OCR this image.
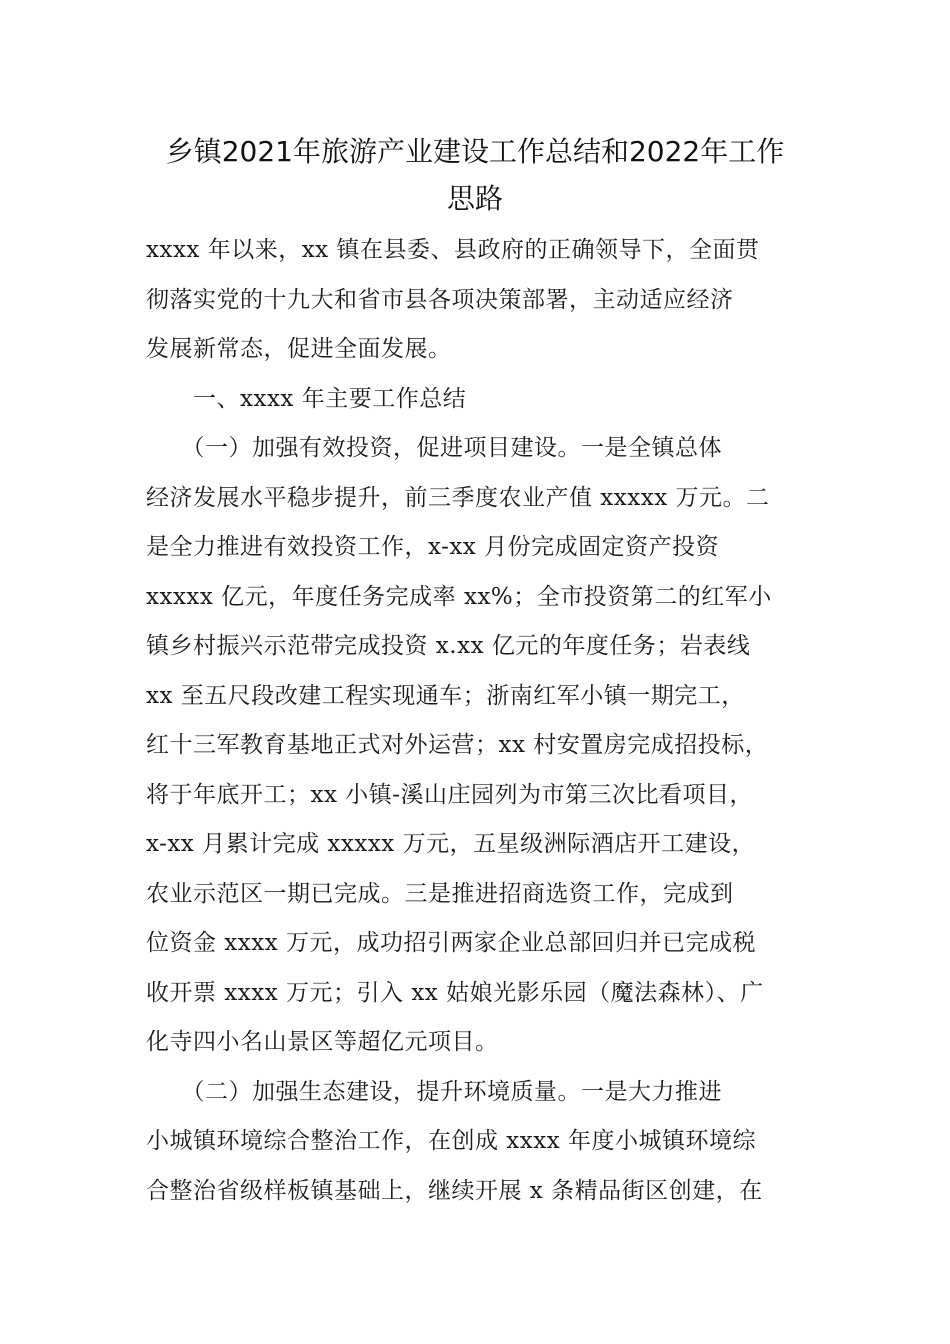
乡镇2021年旅游产业建设工作总结和2022年工作
思路
xxxx 年以来，xx 镇在县委、县政府的正确领导下，全面贯
彻落实党的十九大和省市县各项决策部署，主动适应经济
发展新常态，促进全面发展。
　　一、xxxx 年主要工作总结
　　（一）加强有效投资，促进项目建设。一是全镇总体
经济发展水平稳步提升，前三季度农业产值 xxxxx 万元。二
是全力推进有效投资工作，x-xx 月份完成固定资产投资
xxxxx 亿元，年度任务完成率 xx%；全市投资第二的红军小
镇乡村振兴示范带完成投资 x.xx 亿元的年度任务；岩表线
xx 至五尺段改建工程实现通车；浙南红军小镇一期完工，
红十三军教育基地正式对外运营；xx 村安置房完成招投标，
将于年底开工；xx 小镇-溪山庄园列为市第三次比看项目，
x-xx 月累计完成 xxxxx 万元，五星级洲际酒店开工建设，
农业示范区一期已完成。三是推进招商选资工作，完成到
位资金 xxxx 万元，成功招引两家企业总部回归并已完成税
收开票 xxxx 万元；引入 xx 姑娘光影乐园（魔法森林）、广
化寺四小名山景区等超亿元项目。
　　（二）加强生态建设，提升环境质量。一是大力推进
小城镇环境综合整治工作，在创成 xxxx 年度小城镇环境综
合整治省级样板镇基础上，继续开展 x 条精品街区创建，在
